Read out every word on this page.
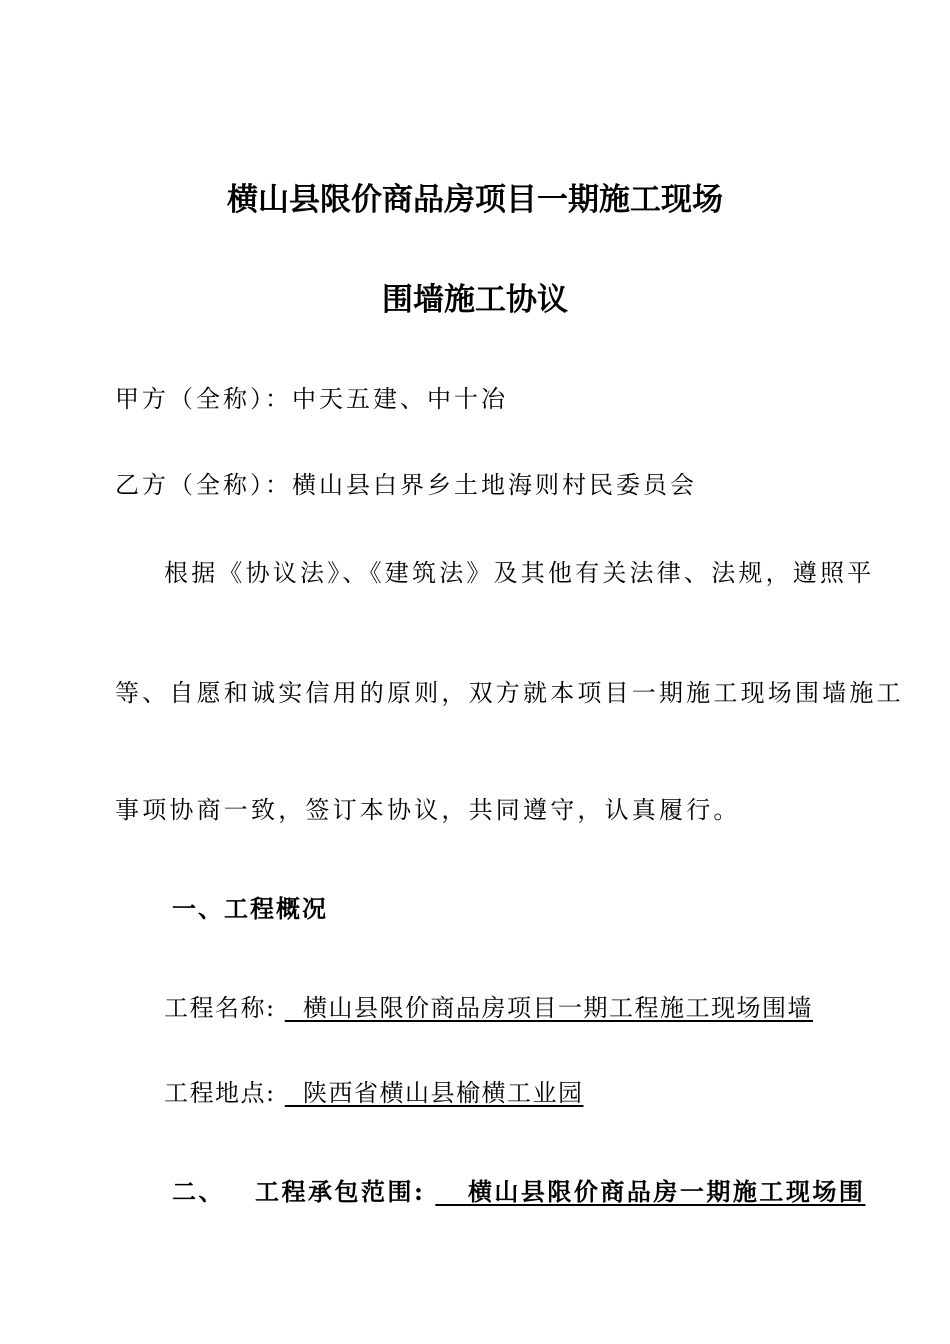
横山县限价商品房项目一期施工现场
围墙施工协议
甲方（全称）：中天五建、中十冶
乙方（全称）：横山县白界乡土地海则村民委员会
根据《协议法》、《建筑法》及其他有关法律、法规，遵照平
等、自愿和诚实信用的原则，双方就本项目一期施工现场围墙施工
事项协商一致，签订本协议，共同遵守，认真履行。
一、工程概况
工程名称: 横山县限价商品房项目一期工程施工现场围墙
工程地点: 陕西省横山县榆横工业园
二、 工程承包范围: 横山县限价商品房一期施工现场围
